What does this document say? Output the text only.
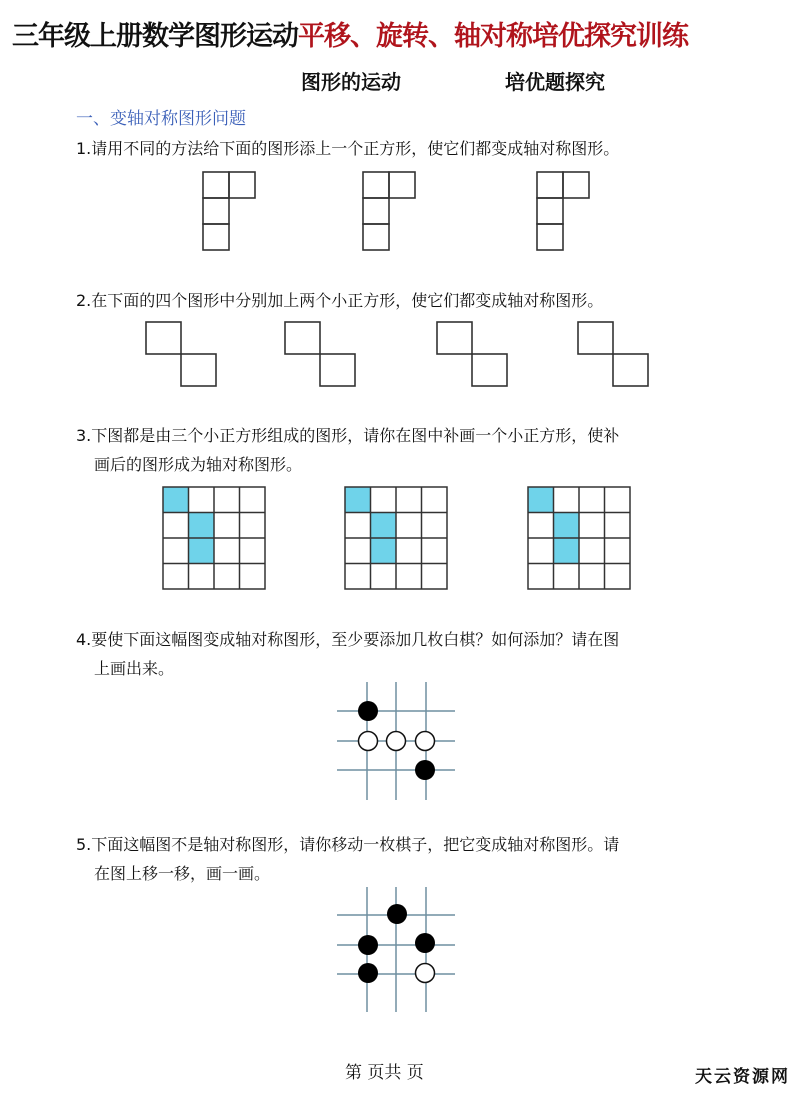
三年级上册数学图形运动平移、旋转、轴对称培优探究训练
图形的运动	培优题探究
一、变轴对称图形问题
1.请用不同的方法给下面的图形添上一个正方形，使它们都变成轴对称图形。
2.在下面的四个图形中分别加上两个小正方形，使它们都变成轴对称图形。
3.下图都是由三个小正方形组成的图形，请你在图中补画一个小正方形，使补
画后的图形成为轴对称图形。
4.要使下面这幅图变成轴对称图形，至少要添加几枚白棋？如何添加？请在图
上画出来。
5.下面这幅图不是轴对称图形，请你移动一枚棋子，把它变成轴对称图形。请
在图上移一移，画一画。
第 页共 页	天云资源网
